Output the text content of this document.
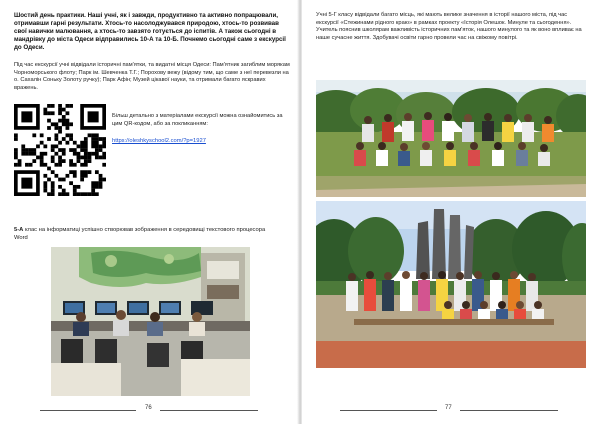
Шостий день практики. Наші учні, як і завжди, продуктивно та активно попрацювали, отримавши гарні результати. Хтось-то насолоджувався природою, хтось-то розвивав свої навички малювання, а хтось-то завзято готується до іспитів. А також сьогодні в мандрівку до міста Одеси відправились 10-А та 10-Б. Почнемо сьогодні саме з екскурсії до Одеси.

Під час екскурсії учні відвідали історичні пам'ятки, та видатні місця Одеси: Пам'ятник загиблим морякам Чорноморського флоту; Парк ім. Шевченка Т.Г.; Порохову вежу (відому тим, що саме з неї перевезли на о. Сахалін Соньку Золоту ручку); Парк Афін; Музей цікавої науки, та отримали багато яскравих вражень.

Більш детально з матеріалами екскурсії можна ознайомитись за цим QR-кодом, або за покликанням:

https://oleshkyschool2.com/?p=1927

5-А клас на інформатиці успішно створював зображення в середовищі текстового процесора Word

76

Учні 5-Г класу відвідали багато місць, які мають велике значення в історії нашого міста, під час екскурсії «Стежинами рідного краю» в рамках проекту «Історія Олешок. Минуле та сьогодення». Учитель пояснив школярам важливість історичних пам'яток, нашого минулого та як воно впливає на наше сучасне життя. Здобувачі освіти гарно провели час на свіжому повітрі.

77
